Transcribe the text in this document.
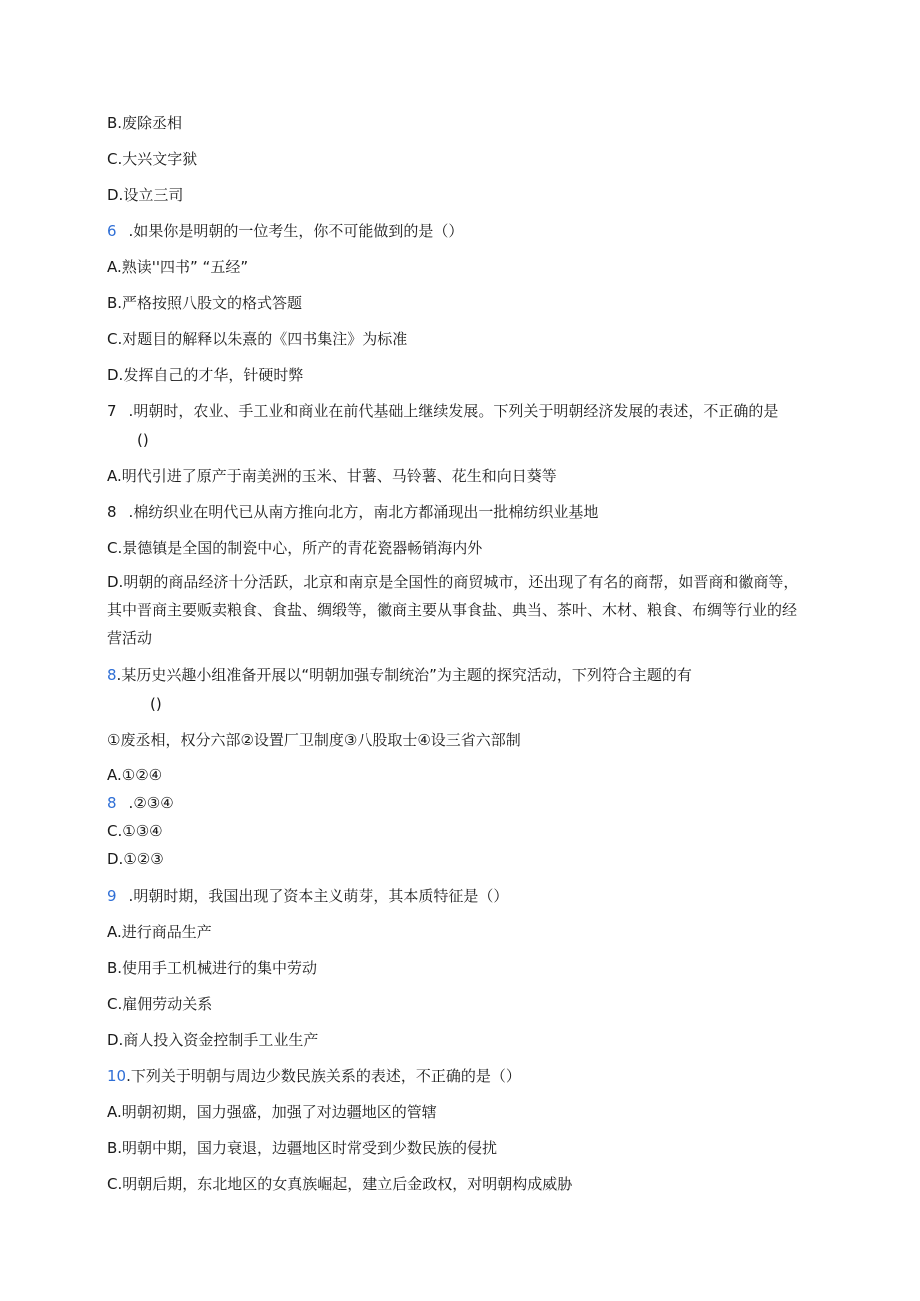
B.废除丞相
C.大兴文字狱
D.设立三司
6 .如果你是明朝的一位考生，你不可能做到的是（）
A.熟读''四书” “五经”
B.严格按照八股文的格式答题
C.对题目的解释以朱熹的《四书集注》为标准
D.发挥自己的才华，针硬时弊
7 .明朝时，农业、手工业和商业在前代基础上继续发展。下列关于明朝经济发展的表述，不正确的是
()
A.明代引进了原产于南美洲的玉米、甘薯、马铃薯、花生和向日葵等
8 .棉纺织业在明代已从南方推向北方，南北方都涌现出一批棉纺织业基地
C.景德镇是全国的制瓷中心，所产的青花瓷器畅销海内外
D.明朝的商品经济十分活跃，北京和南京是全国性的商贸城市，还出现了有名的商帮，如晋商和徽商等，其中晋商主要贩卖粮食、食盐、绸缎等，徽商主要从事食盐、典当、茶叶、木材、粮食、布绸等行业的经营活动
8.某历史兴趣小组准备开展以“明朝加强专制统治”为主题的探究活动，下列符合主题的有
()
①废丞相，权分六部②设置厂卫制度③八股取士④设三省六部制
A.①②④
8 .②③④
C.①③④
D.①②③
9 .明朝时期，我国出现了资本主义萌芽，其本质特征是（）
A.进行商品生产
B.使用手工机械进行的集中劳动
C.雇佣劳动关系
D.商人投入资金控制手工业生产
10.下列关于明朝与周边少数民族关系的表述，不正确的是（）
A.明朝初期，国力强盛，加强了对边疆地区的管辖
B.明朝中期，国力衰退，边疆地区时常受到少数民族的侵扰
C.明朝后期，东北地区的女真族崛起，建立后金政权，对明朝构成威胁
